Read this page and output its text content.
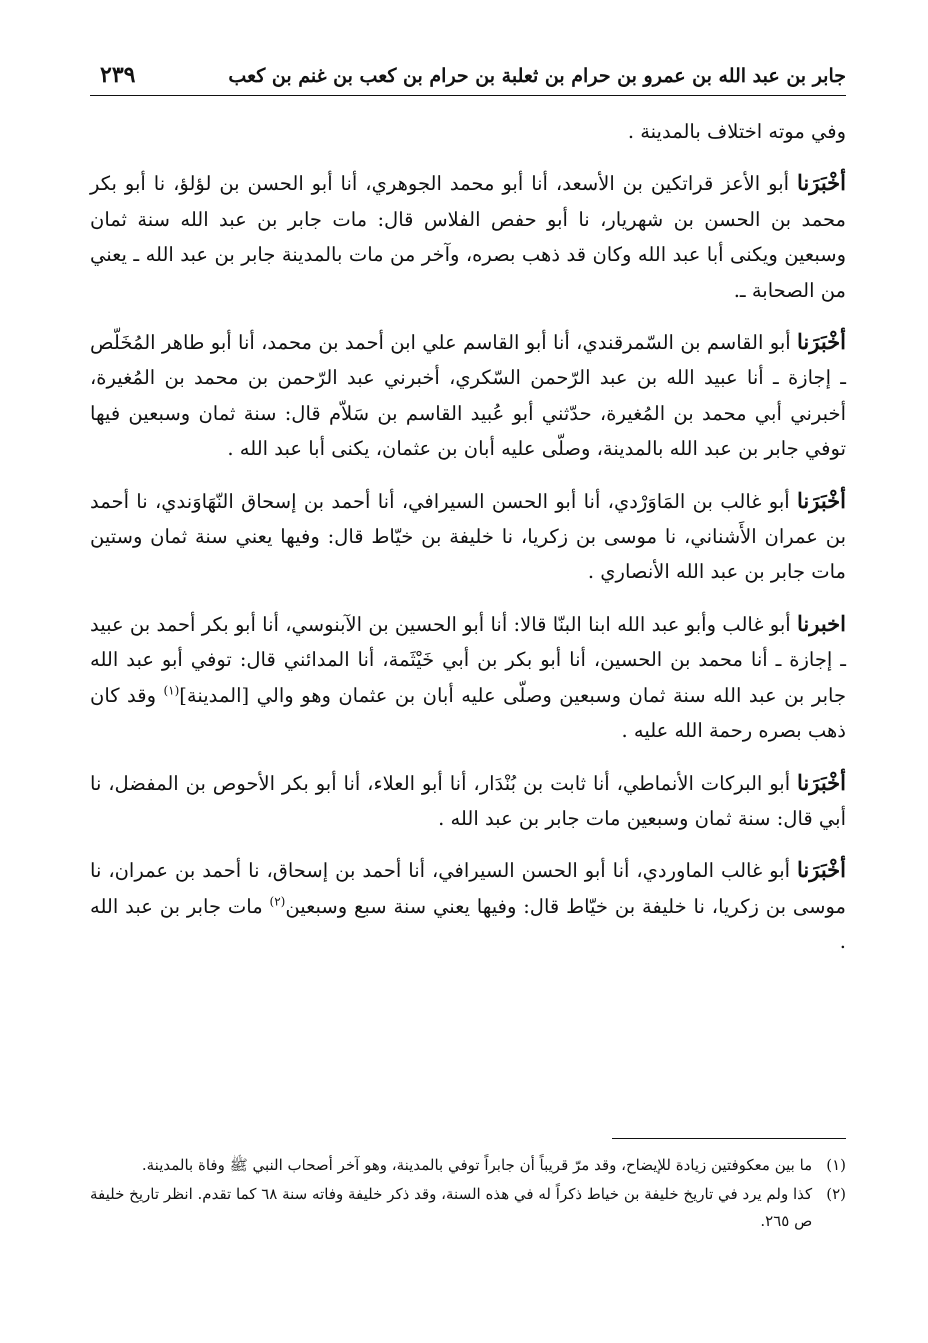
جابر بن عبد الله بن عمرو بن حرام بن ثعلبة بن حرام بن كعب بن غنم بن كعب
٢٣٩

وفي موته اختلاف بالمدينة .

أخْبَرَنا أبو الأعز قراتكين بن الأسعد، أنا أبو محمد الجوهري، أنا أبو الحسن بن لؤلؤ، نا أبو بكر محمد بن الحسن بن شهريار، نا أبو حفص الفلاس قال: مات جابر بن عبد الله سنة ثمان وسبعين ويكنى أبا عبد الله وكان قد ذهب بصره، وآخر من مات بالمدينة جابر بن عبد الله ـ يعني من الصحابة ـ.

أخْبَرَنا أبو القاسم بن السّمرقندي، أنا أبو القاسم علي ابن أحمد بن محمد، أنا أبو طاهر المُخَلّص ـ إجازة ـ أنا عبيد الله بن عبد الرّحمن السّكري، أخبرني عبد الرّحمن بن محمد بن المُغيرة، أخبرني أبي محمد بن المُغيرة، حدّثني أبو عُبيد القاسم بن سَلاّم قال: سنة ثمان وسبعين فيها توفي جابر بن عبد الله بالمدينة، وصلّى عليه أبان بن عثمان، يكنى أبا عبد الله .

أخْبَرَنا أبو غالب بن المَاوَرْدي، أنا أبو الحسن السيرافي، أنا أحمد بن إسحاق النّهَاوَندي، نا أحمد بن عمران الأَشناني، نا موسى بن زكريا، نا خليفة بن خيّاط قال: وفيها يعني سنة ثمان وستين مات جابر بن عبد الله الأنصاري .

اخبرنا أبو غالب وأبو عبد الله ابنا البنّا قالا: أنا أبو الحسين بن الآبنوسي، أنا أبو بكر أحمد بن عبيد ـ إجازة ـ أنا محمد بن الحسين، أنا أبو بكر بن أبي خَيْثَمة، أنا المدائني قال: توفي أبو عبد الله جابر بن عبد الله سنة ثمان وسبعين وصلّى عليه أبان بن عثمان وهو والي [المدينة]$^{(١)}$ وقد كان ذهب بصره رحمة الله عليه .

أخْبَرَنا أبو البركات الأنماطي، أنا ثابت بن بُنْدَار، أنا أبو العلاء، أنا أبو بكر الأحوص بن المفضل، نا أبي قال: سنة ثمان وسبعين مات جابر بن عبد الله .

أخْبَرَنا أبو غالب الماوردي، أنا أبو الحسن السيرافي، أنا أحمد بن إسحاق، نا أحمد بن عمران، نا موسى بن زكريا، نا خليفة بن خيّاط قال: وفيها يعني سنة سبع وسبعين$^{(٢)}$ مات جابر بن عبد الله .

(١)
ما بين معكوفتين زيادة للإيضاح، وقد مرّ قريباً أن جابراً توفي بالمدينة، وهو آخر أصحاب النبي ﷺ وفاة بالمدينة.
(٢)
كذا ولم يرد في تاريخ خليفة بن خياط ذكراً له في هذه السنة، وقد ذكر خليفة وفاته سنة ٦٨ كما تقدم. انظر تاريخ خليفة ص ٢٦٥.
